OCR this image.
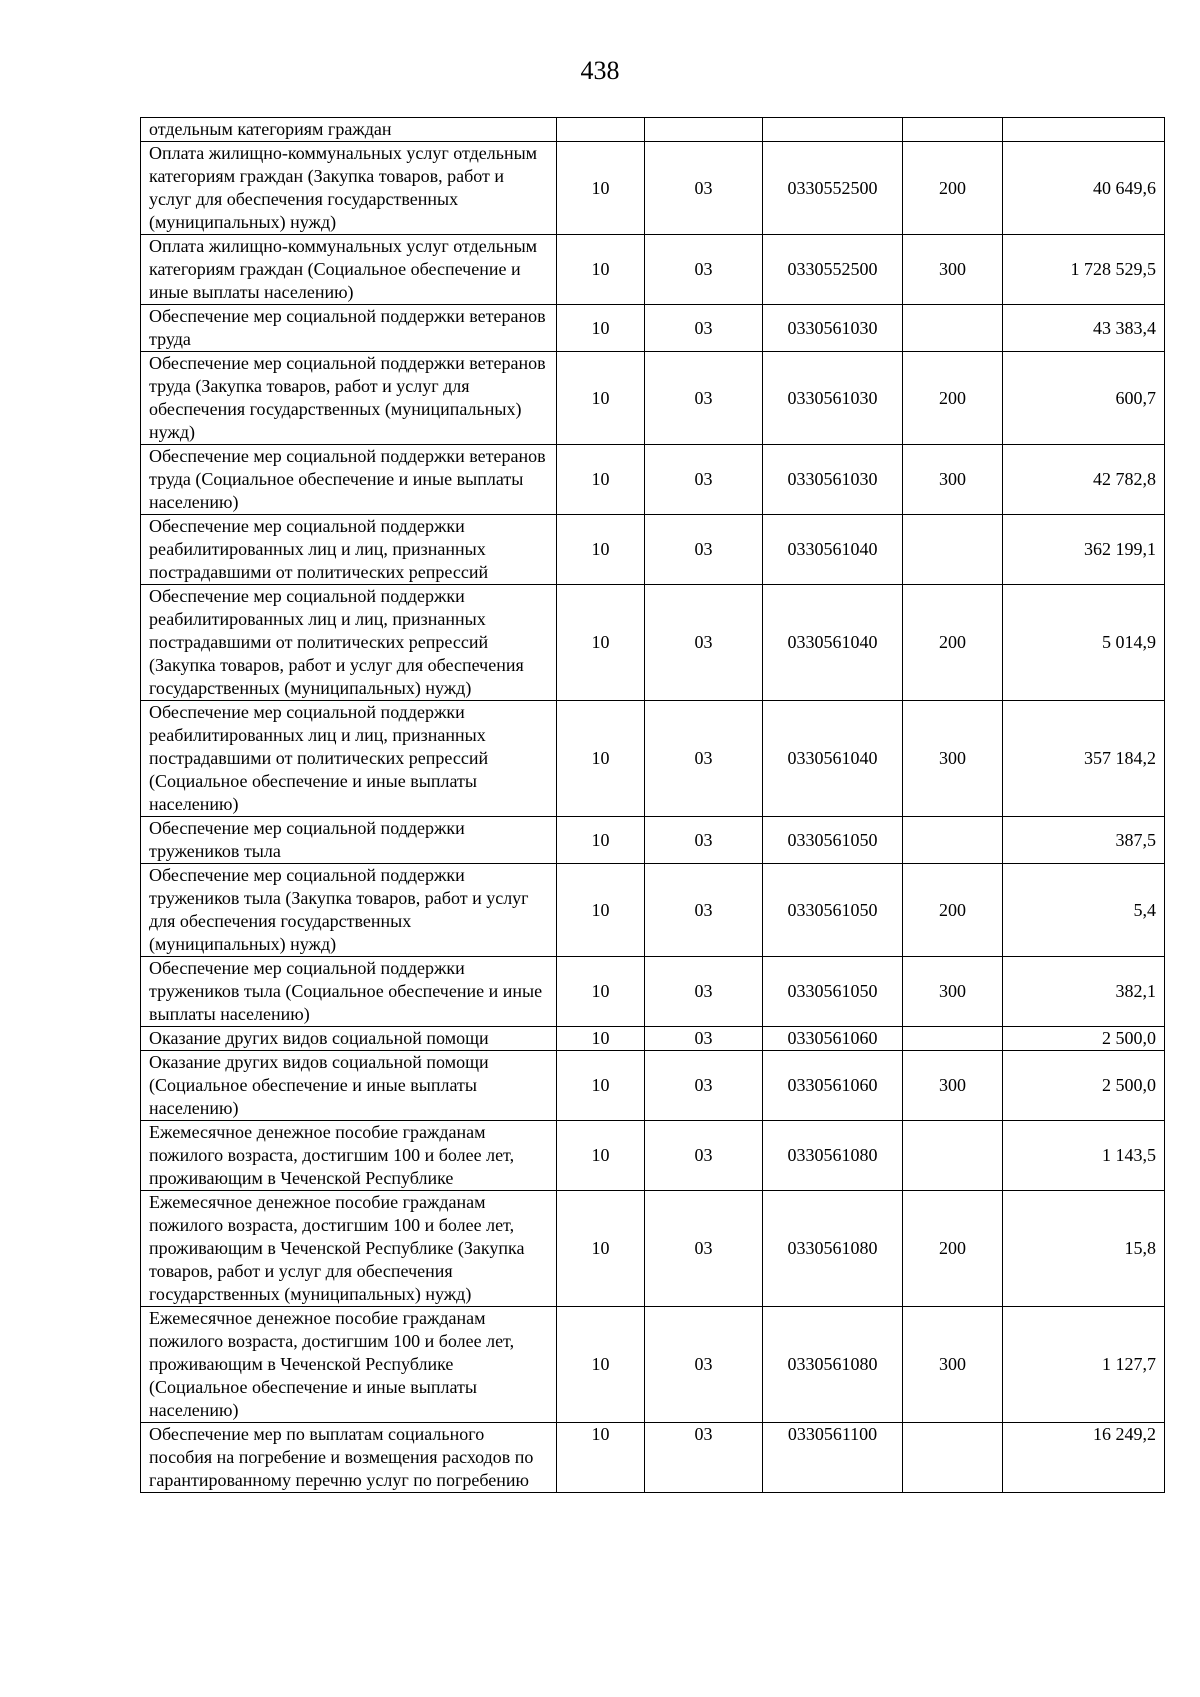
438
отдельным категориям граждан					
Оплата жилищно-коммунальных услуг отдельным категориям граждан (Закупка товаров, работ и услуг для обеспечения государственных (муниципальных) нужд)	10	03	0330552500	200	40 649,6
Оплата жилищно-коммунальных услуг отдельным категориям граждан (Социальное обеспечение и иные выплаты населению)	10	03	0330552500	300	1 728 529,5
Обеспечение мер социальной поддержки ветеранов труда	10	03	0330561030		43 383,4
Обеспечение мер социальной поддержки ветеранов труда (Закупка товаров, работ и услуг для обеспечения государственных (муниципальных) нужд)	10	03	0330561030	200	600,7
Обеспечение мер социальной поддержки ветеранов труда (Социальное обеспечение и иные выплаты населению)	10	03	0330561030	300	42 782,8
Обеспечение мер социальной поддержки реабилитированных лиц и лиц, признанных пострадавшими от политических репрессий	10	03	0330561040		362 199,1
Обеспечение мер социальной поддержки реабилитированных лиц и лиц, признанных пострадавшими от политических репрессий (Закупка товаров, работ и услуг для обеспечения государственных (муниципальных) нужд)	10	03	0330561040	200	5 014,9
Обеспечение мер социальной поддержки реабилитированных лиц и лиц, признанных пострадавшими от политических репрессий (Социальное обеспечение и иные выплаты населению)	10	03	0330561040	300	357 184,2
Обеспечение мер социальной поддержки тружеников тыла	10	03	0330561050		387,5
Обеспечение мер социальной поддержки тружеников тыла (Закупка товаров, работ и услуг для обеспечения государственных (муниципальных) нужд)	10	03	0330561050	200	5,4
Обеспечение мер социальной поддержки тружеников тыла (Социальное обеспечение и иные выплаты населению)	10	03	0330561050	300	382,1
Оказание других видов социальной помощи	10	03	0330561060		2 500,0
Оказание других видов социальной помощи (Социальное обеспечение и иные выплаты населению)	10	03	0330561060	300	2 500,0
Ежемесячное денежное пособие гражданам пожилого возраста, достигшим 100 и более лет, проживающим в Чеченской Республике	10	03	0330561080		1 143,5
Ежемесячное денежное пособие гражданам пожилого возраста, достигшим 100 и более лет, проживающим в Чеченской Республике (Закупка товаров, работ и услуг для обеспечения государственных (муниципальных) нужд)	10	03	0330561080	200	15,8
Ежемесячное денежное пособие гражданам пожилого возраста, достигшим 100 и более лет, проживающим в Чеченской Республике (Социальное обеспечение и иные выплаты населению)	10	03	0330561080	300	1 127,7
Обеспечение мер по выплатам социального пособия на погребение и возмещения расходов по гарантированному перечню услуг по погребению	10	03	0330561100		16 249,2
